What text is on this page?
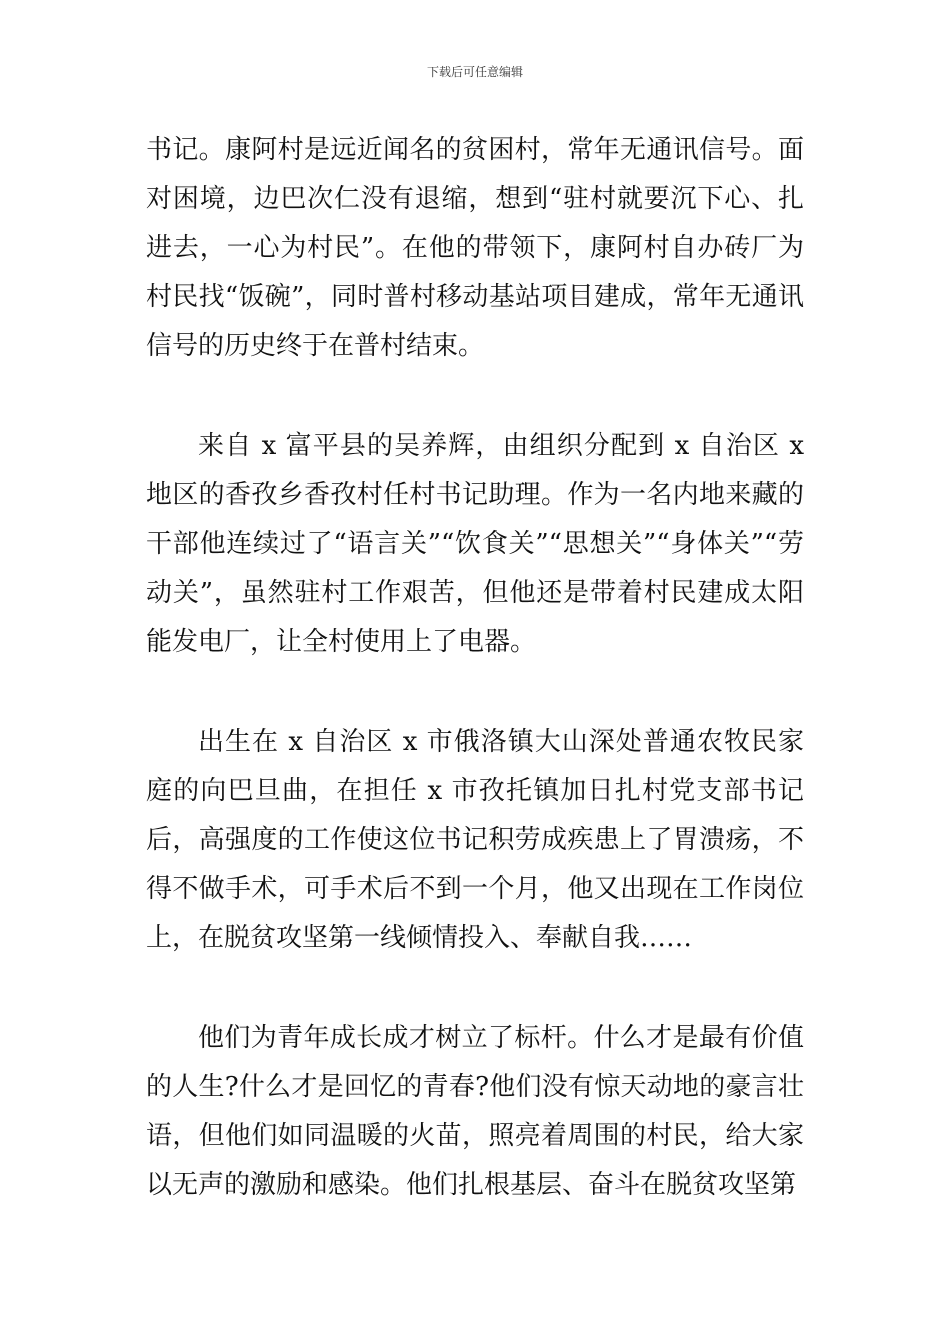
下载后可任意编辑

书记。康阿村是远近闻名的贫困村，常年无通讯信号。面对困境，边巴次仁没有退缩，想到“驻村就要沉下心、扎进去，一心为村民”。在他的带领下，康阿村自办砖厂为村民找“饭碗”，同时普村移动基站项目建成，常年无通讯信号的历史终于在普村结束。

来自 x 富平县的吴养辉，由组织分配到 x 自治区 x 地区的香孜乡香孜村任村书记助理。作为一名内地来藏的干部他连续过了“语言关”“饮食关”“思想关”“身体关”“劳动关”，虽然驻村工作艰苦，但他还是带着村民建成太阳能发电厂，让全村使用上了电器。

出生在 x 自治区 x 市俄洛镇大山深处普通农牧民家庭的向巴旦曲，在担任 x 市孜托镇加日扎村党支部书记后，高强度的工作使这位书记积劳成疾患上了胃溃疡，不得不做手术，可手术后不到一个月，他又出现在工作岗位上，在脱贫攻坚第一线倾情投入、奉献自我……

他们为青年成长成才树立了标杆。什么才是最有价值的人生?什么才是回忆的青春?他们没有惊天动地的豪言壮语，但他们如同温暖的火苗，照亮着周围的村民，给大家以无声的激励和感染。他们扎根基层、奋斗在脱贫攻坚第
